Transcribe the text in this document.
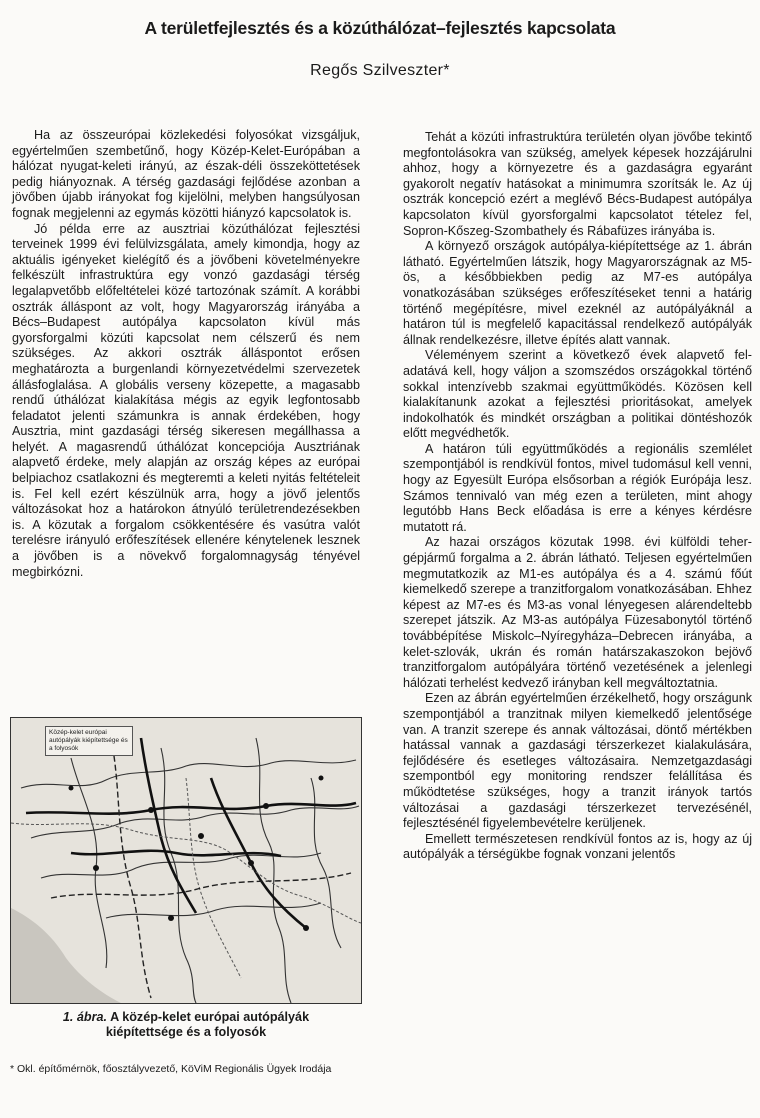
A területfejlesztés és a közúthálózat–fejlesztés kapcsolata
Regős Szilveszter*

Ha az összeurópai közlekedési folyosókat vizsgáljuk, egyértelműen szembetűnő, hogy Közép-Kelet-Európában a hálózat nyugat-keleti irányú, az észak-déli összeköttetések pedig hiányoznak. A térség gazdasági fejlődése azonban a jövőben újabb irányokat fog kijelölni, melyben hangsúlyosan fognak megjelenni az egymás közötti hiányzó kapcsolatok is.

Jó példa erre az ausztriai közúthálózat fejlesztési terveinek 1999 évi felülvizsgálata, amely kimondja, hogy az aktuális igényeket kielégítő és a jövőbeni követelményekre felkészült infrastruktúra egy vonzó gazdasági térség legalapvetőbb előfeltételei közé tartozónak számít. A korábbi osztrák álláspont az volt, hogy Magyarország irányába a Bécs–Budapest autópálya kapcsolaton kívül más gyorsforgalmi közúti kapcsolat nem célszerű és nem szükséges. Az akkori osztrák álláspontot erősen meghatározta a burgenlandi környezetvédelmi szervezetek állásfoglalása. A globális verseny közepette, a magasabb rendű úthálózat kialakítása mégis az egyik legfontosabb feladatot jelenti számunkra is annak érdekében, hogy Ausztria, mint gazdasági térség sikeresen megállhassa a helyét. A magasrendű úthálózat koncepciója Ausztriának alapvető érdeke, mely alapján az ország képes az európai belpiachoz csatlakozni és megteremti a keleti nyitás feltételeit is. Fel kell ezért készülnük arra, hogy a jövő jelentős változásokat hoz a határokon átnyúló területrendezésekben is. A közutak a forgalom csökkentésére és vasútra valót terelésre irányuló erőfeszítések ellenére kénytelenek lesznek a jövőben is a növekvő forgalomnagyság tényével megbirkózni.

Közép-kelet európai autópályák kiépítettsége és a folyosók
1. ábra. A közép-kelet európai autópályák
kiépítettsége és a folyosók

Tehát a közúti infrastruktúra területén olyan jövőbe tekintő megfontolásokra van szükség, amelyek képesek hozzájárulni ahhoz, hogy a környezetre és a gazdaságra egyaránt gyakorolt negatív hatásokat a minimumra szorítsák le. Az új osztrák koncepció ezért a meglévő Bécs-Budapest autópálya kapcsolaton kívül gyorsforgalmi kapcsolatot tételez fel, Sopron-Kőszeg-Szombathely és Rábafüzes irányába is.

A környező országok autópálya-kiépítettsége az 1. ábrán látható. Egyértelműen látszik, hogy Magyarországnak az M5-ös, a későbbiekben pedig az M7-es autópálya vonatkozásában szükséges erőfeszítéseket tenni a határig történő megépítésre, mivel ezeknél az autópályáknál a határon túl is megfelelő kapacitással rendelkező autópályák állnak rendelkezésre, illetve építés alatt vannak.

Véleményem szerint a következő évek alapvető feladatává kell, hogy váljon a szomszédos országokkal történő sokkal intenzívebb szakmai együttműködés. Közösen kell kialakítanunk azokat a fejlesztési prioritásokat, amelyek indokolhatók és mindkét országban a politikai döntéshozók előtt megvédhetők.

A határon túli együttműködés a regionális szemlélet szempontjából is rendkívül fontos, mivel tudomásul kell venni, hogy az Egyesült Európa elsősorban a régiók Európája lesz. Számos tennivaló van még ezen a területen, mint ahogy legutóbb Hans Beck előadása is erre a kényes kérdésre mutatott rá.

Az hazai országos közutak 1998. évi külföldi tehergépjármű forgalma a 2. ábrán látható. Teljesen egyértelműen megmutatkozik az M1-es autópálya és a 4. számú főút kiemelkedő szerepe a tranzitforgalom vonatkozásában. Ehhez képest az M7-es és M3-as vonal lényegesen alárendeltebb szerepet játszik. Az M3-as autópálya Füzesabonytól történő továbbépítése Miskolc–Nyíregyháza–Debrecen irányába, a kelet-szlovák, ukrán és román határszakaszokon bejövő tranzitforgalom autópályára történő vezetésének a jelenlegi hálózati terhelést kedvező irányban kell megváltoztatnia.

Ezen az ábrán egyértelműen érzékelhető, hogy országunk szempontjából a tranzitnak milyen kiemelkedő jelentősége van. A tranzit szerepe és annak változásai, döntő mértékben hatással vannak a gazdasági térszerkezet kialakulására, fejlődésére és esetleges változásaira. Nemzetgazdasági szempontból egy monitoring rendszer felállítása és működtetése szükséges, hogy a tranzit irányok tartós változásai a gazdasági térszerkezet tervezésénél, fejlesztésénél figyelembevételre kerüljenek.

Emellett természetesen rendkívül fontos az is, hogy az új autópályák a térségükbe fognak vonzani jelentős

* Okl. építőmérnök, főosztályvezető, KöViM Regionális Ügyek Irodája
